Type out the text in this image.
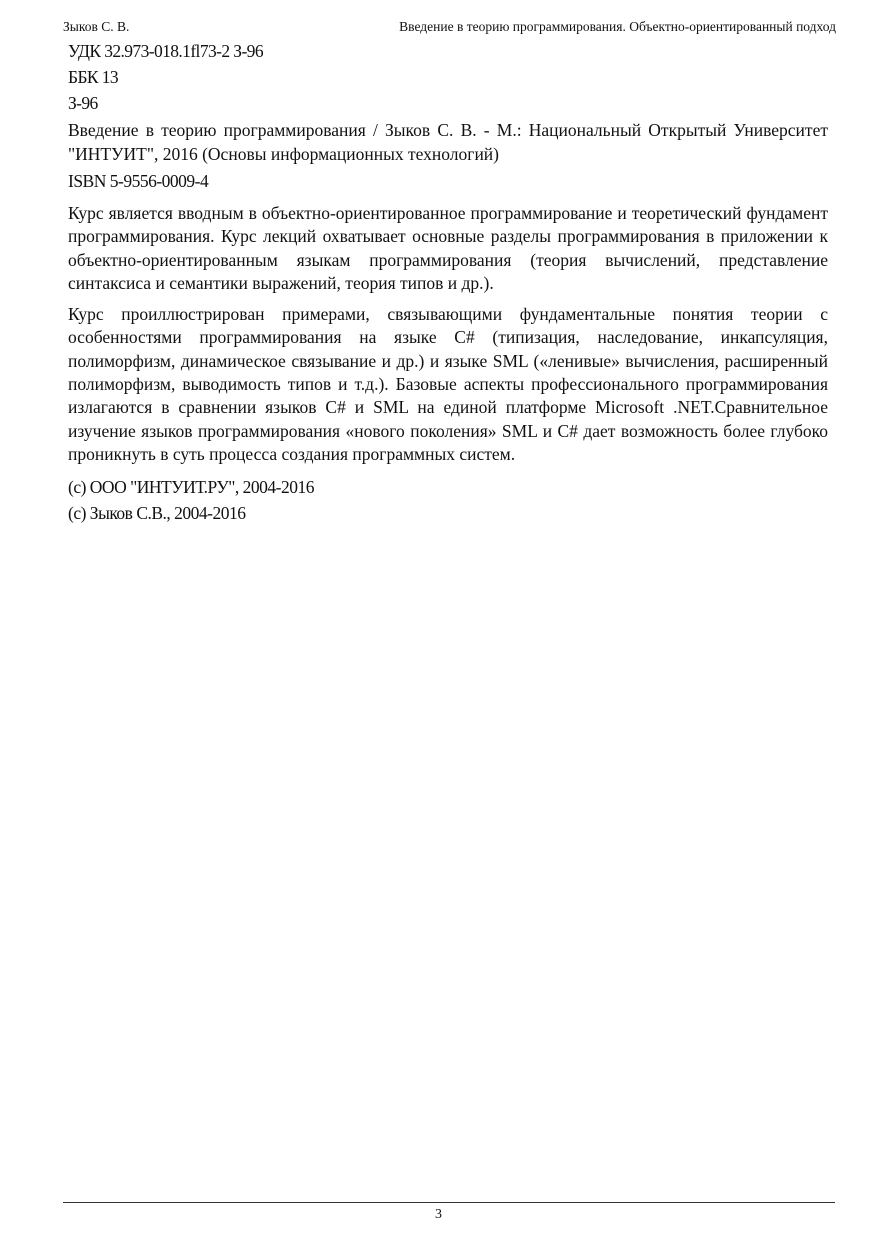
Зыков С. В.	Введение в теорию программирования. Объектно-ориентированный подход
УДК 32.973-018.1fl73-2 З-96
ББК 13
З-96
Введение в теорию программирования / Зыков С. В. - М.: Национальный Открытый Университет "ИНТУИТ", 2016 (Основы информационных технологий)
ISBN 5-9556-0009-4

Курс является вводным в объектно-ориентированное программирование и теоретический фундамент программирования. Курс лекций охватывает основные разделы программирования в приложении к объектно-ориентированным языкам программирования (теория вычислений, представление синтаксиса и семантики выражений, теория типов и др.).

Курс проиллюстрирован примерами, связывающими фундаментальные понятия теории с особенностями программирования на языке C# (типизация, наследование, инкапсуляция, полиморфизм, динамическое связывание и др.) и языке SML («ленивые» вычисления, расширенный полиморфизм, выводимость типов и т.д.). Базовые аспекты профессионального программирования излагаются в сравнении языков C# и SML на единой платформе Microsoft .NET.Сравнительное изучение языков программирования «нового поколения» SML и C# дает возможность более глубоко проникнуть в суть процесса создания программных систем.

(c) ООО "ИНТУИТ.РУ", 2004-2016
(c) Зыков С.В., 2004-2016
3
